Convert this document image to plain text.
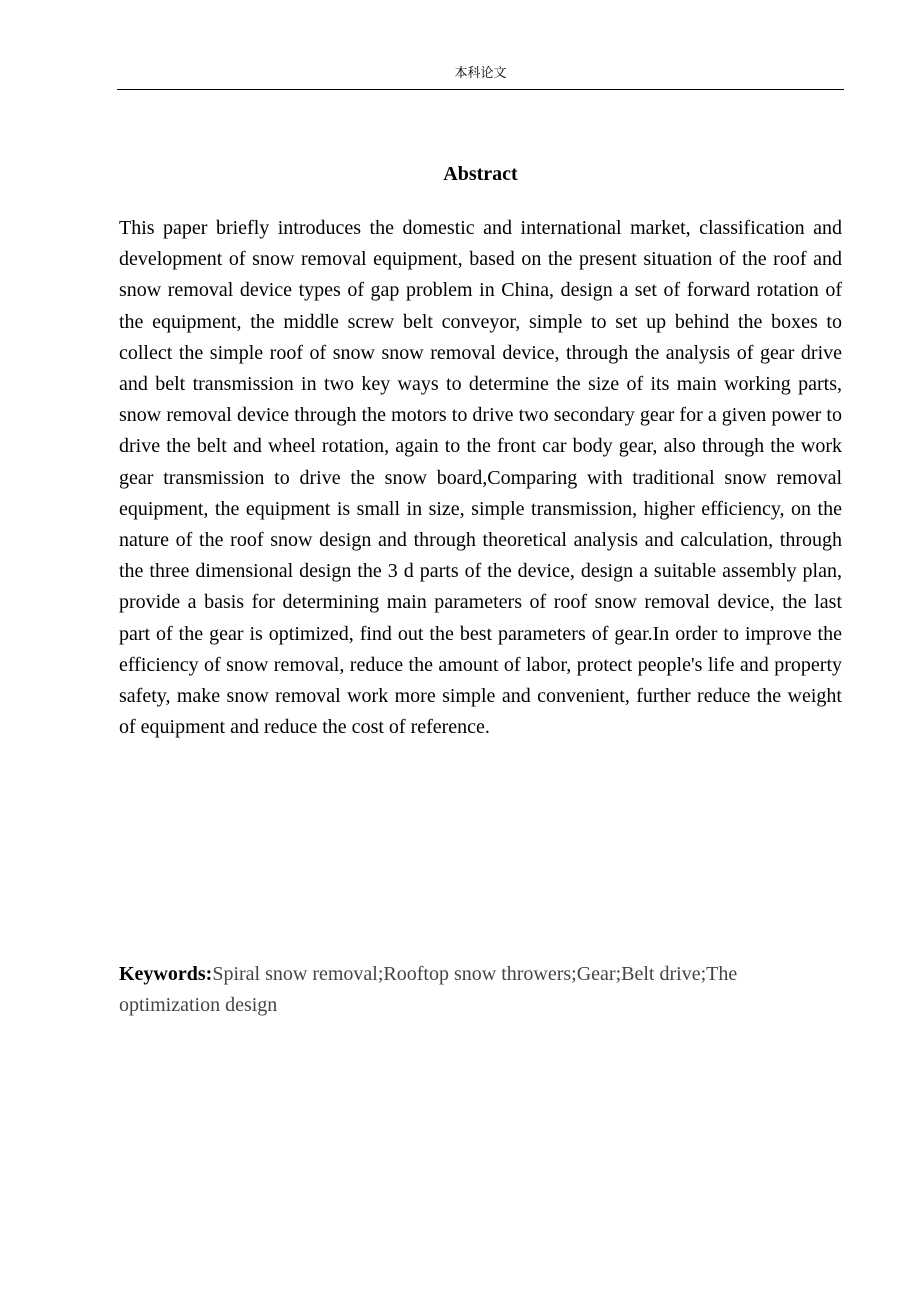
本科论文
Abstract

This paper briefly introduces the domestic and international market, classification and development of snow removal equipment, based on the present situation of the roof and snow removal device types of gap problem in China, design a set of forward rotation of the equipment, the middle screw belt conveyor, simple to set up behind the boxes to collect the simple roof of snow snow removal device, through the analysis of gear drive and belt transmission in two key ways to determine the size of its main working parts, snow removal device through the motors to drive two secondary gear for a given power to drive the belt and wheel rotation, again to the front car body gear, also through the work gear transmission to drive the snow board,Comparing with traditional snow removal equipment, the equipment is small in size, simple transmission, higher efficiency, on the nature of the roof snow design and through theoretical analysis and calculation, through the three dimensional design the 3 d parts of the device, design a suitable assembly plan, provide a basis for determining main parameters of roof snow removal device, the last part of the gear is optimized, find out the best parameters of gear.In order to improve the efficiency of snow removal, reduce the amount of labor, protect people's life and property safety, make snow removal work more simple and convenient, further reduce the weight of equipment and reduce the cost of reference.

Keywords:Spiral snow removal;Rooftop snow throwers;Gear;Belt drive;The optimization design
